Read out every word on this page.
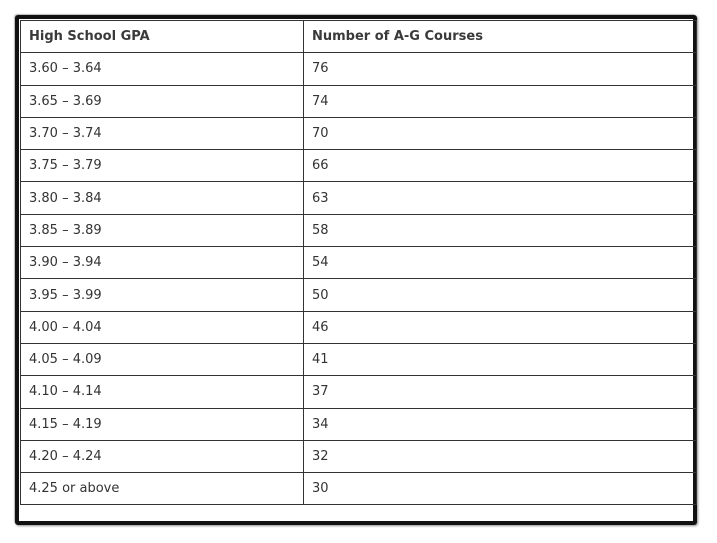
High School GPA	Number of A-G Courses
3.60 – 3.64	76
3.65 – 3.69	74
3.70 – 3.74	70
3.75 – 3.79	66
3.80 – 3.84	63
3.85 – 3.89	58
3.90 – 3.94	54
3.95 – 3.99	50
4.00 – 4.04	46
4.05 – 4.09	41
4.10 – 4.14	37
4.15 – 4.19	34
4.20 – 4.24	32
4.25 or above	30
